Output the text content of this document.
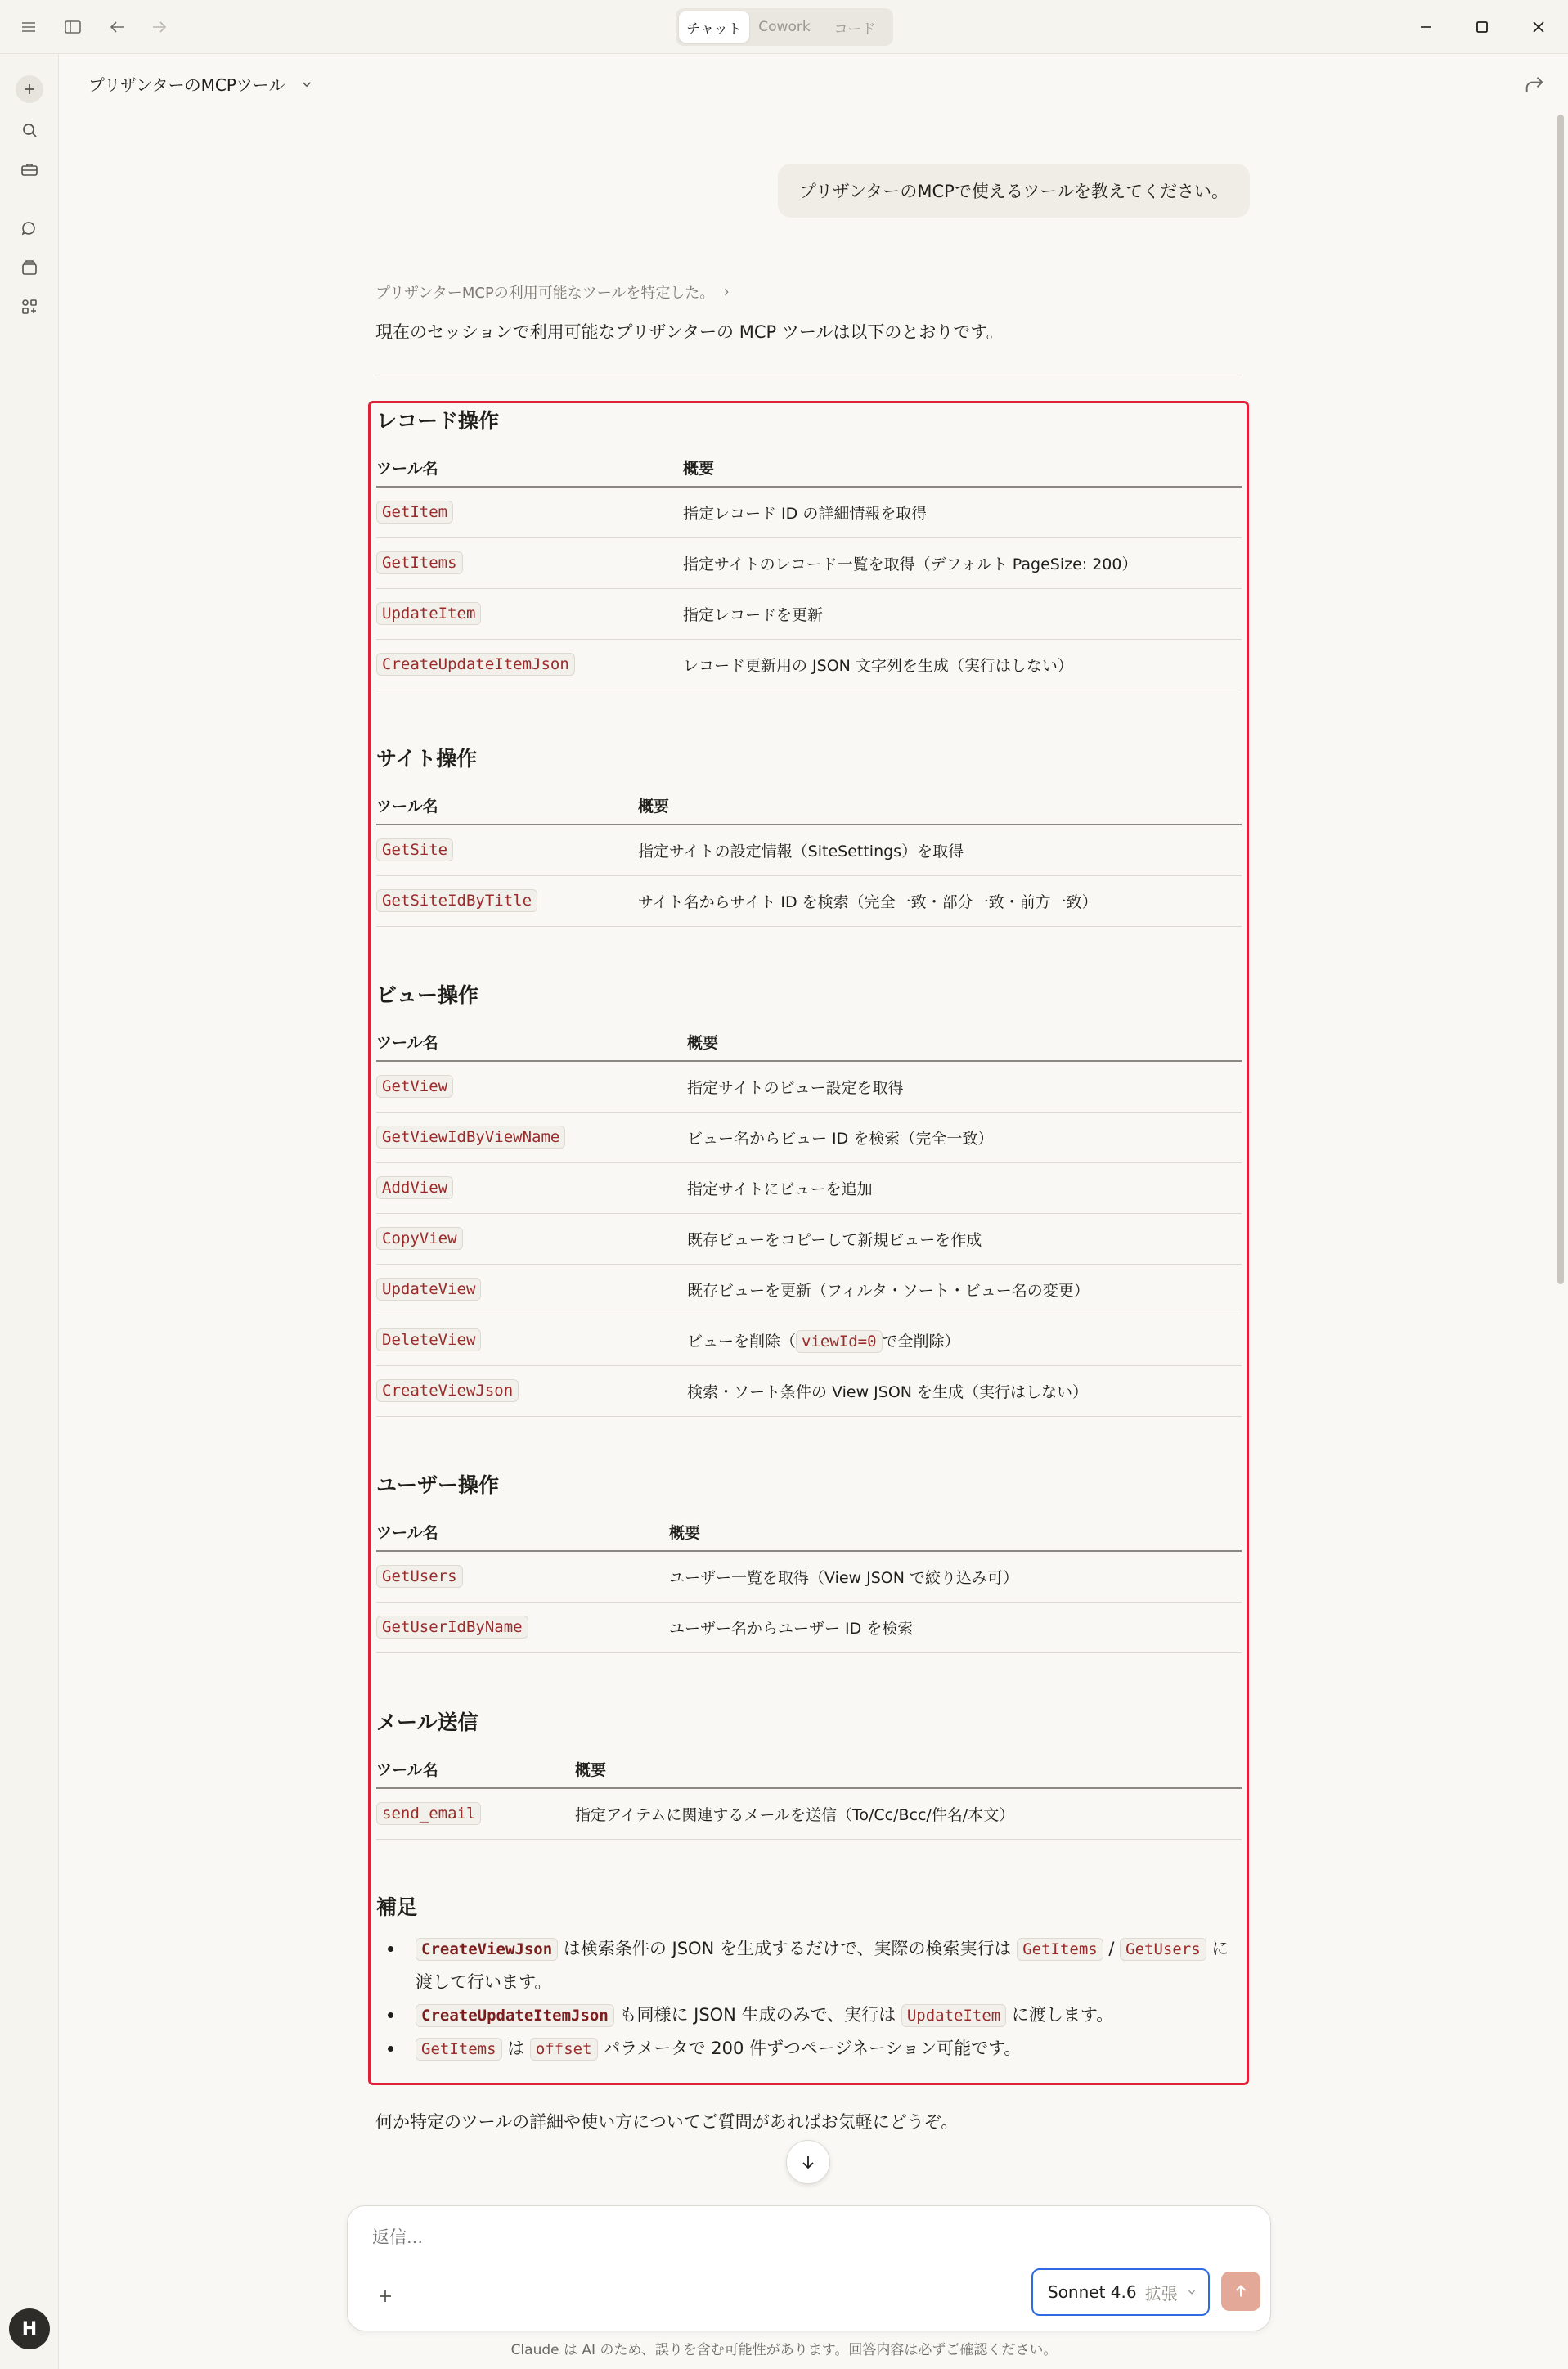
チャット	Cowork	コード
H
プリザンターのMCPツール
プリザンターのMCPで使えるツールを教えてください。
プリザンターMCPの利用可能なツールを特定した。
現在のセッションで利用可能なプリザンターの MCP ツールは以下のとおりです。
レコード操作
ツール名	概要
GetItem	指定レコード ID の詳細情報を取得
GetItems	指定サイトのレコード一覧を取得（デフォルト PageSize: 200）
UpdateItem	指定レコードを更新
CreateUpdateItemJson	レコード更新用の JSON 文字列を生成（実行はしない）
サイト操作
ツール名	概要
GetSite	指定サイトの設定情報（SiteSettings）を取得
GetSiteIdByTitle	サイト名からサイト ID を検索（完全一致・部分一致・前方一致）
ビュー操作
ツール名	概要
GetView	指定サイトのビュー設定を取得
GetViewIdByViewName	ビュー名からビュー ID を検索（完全一致）
AddView	指定サイトにビューを追加
CopyView	既存ビューをコピーして新規ビューを作成
UpdateView	既存ビューを更新（フィルタ・ソート・ビュー名の変更）
DeleteView	ビューを削除（ viewId=0 で全削除）
CreateViewJson	検索・ソート条件の View JSON を生成（実行はしない）
ユーザー操作
ツール名	概要
GetUsers	ユーザー一覧を取得（View JSON で絞り込み可）
GetUserIdByName	ユーザー名からユーザー ID を検索
メール送信
ツール名	概要
send_email	指定アイテムに関連するメールを送信（To/Cc/Bcc/件名/本文）
補足
CreateViewJson は検索条件の JSON を生成するだけで、実際の検索実行は GetItems / GetUsers に渡して行います。
CreateUpdateItemJson も同様に JSON 生成のみで、実行は UpdateItem に渡します。
GetItems は offset パラメータで 200 件ずつページネーション可能です。
何か特定のツールの詳細や使い方についてご質問があればお気軽にどうぞ。
返信...
Sonnet 4.6 拡張
Claude は AI のため、誤りを含む可能性があります。回答内容は必ずご確認ください。
